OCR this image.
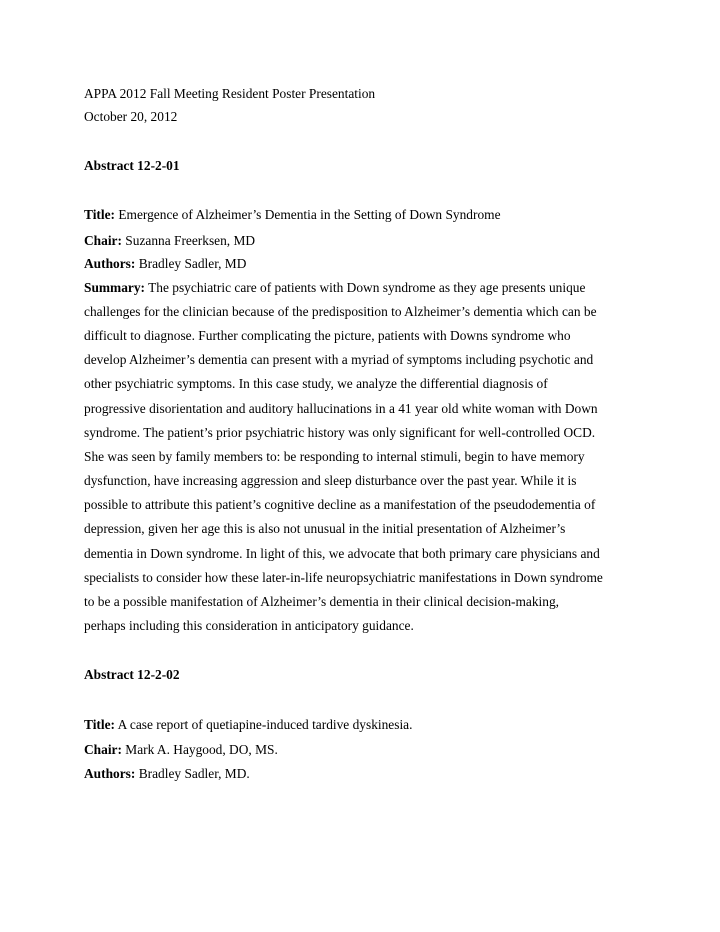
APPA 2012 Fall Meeting Resident Poster Presentation
October 20, 2012
Abstract 12-2-01
Title: Emergence of Alzheimer’s Dementia in the Setting of Down Syndrome
Chair: Suzanna Freerksen, MD
Authors: Bradley Sadler, MD
Summary: The psychiatric care of patients with Down syndrome as they age presents unique
challenges for the clinician because of the predisposition to Alzheimer’s dementia which can be
difficult to diagnose. Further complicating the picture, patients with Downs syndrome who
develop Alzheimer’s dementia can present with a myriad of symptoms including psychotic and
other psychiatric symptoms. In this case study, we analyze the differential diagnosis of
progressive disorientation and auditory hallucinations in a 41 year old white woman with Down
syndrome. The patient’s prior psychiatric history was only significant for well-controlled OCD.
She was seen by family members to: be responding to internal stimuli, begin to have memory
dysfunction, have increasing aggression and sleep disturbance over the past year. While it is
possible to attribute this patient’s cognitive decline as a manifestation of the pseudodementia of
depression, given her age this is also not unusual in the initial presentation of Alzheimer’s
dementia in Down syndrome. In light of this, we advocate that both primary care physicians and
specialists to consider how these later-in-life neuropsychiatric manifestations in Down syndrome
to be a possible manifestation of Alzheimer’s dementia in their clinical decision-making,
perhaps including this consideration in anticipatory guidance.
Abstract 12-2-02
Title: A case report of quetiapine-induced tardive dyskinesia.
Chair: Mark A. Haygood, DO, MS.
Authors: Bradley Sadler, MD.
